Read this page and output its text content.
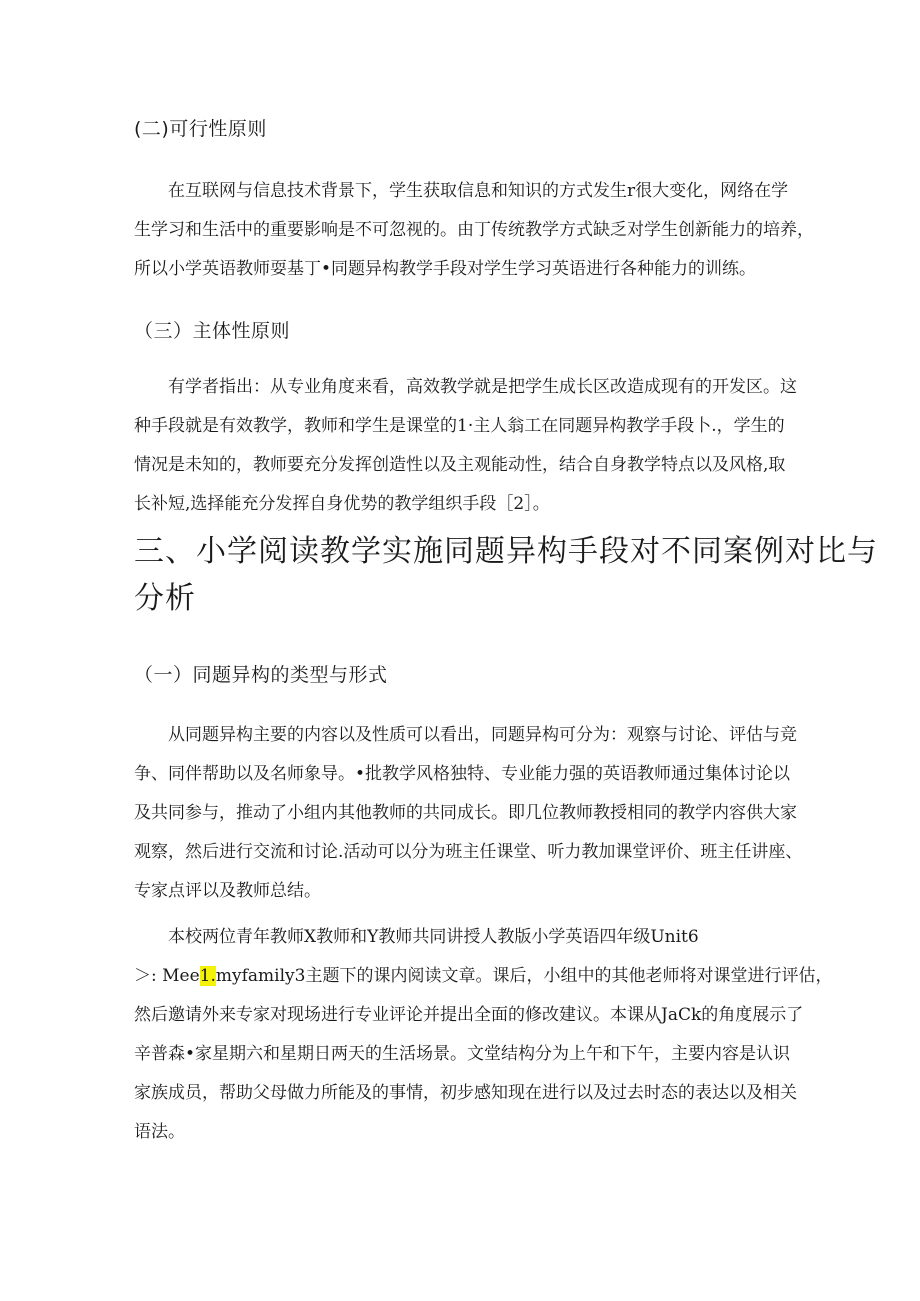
(二)可行性原则
在互联网与信息技术背景下，学生获取信息和知识的方式发生r很大变化，网络在学
生学习和生活中的重要影响是不可忽视的。由丁传统教学方式缺乏对学生创新能力的培养，
所以小学英语教师耍基丁•同题异构教学手段对学生学习英语进行各种能力的训练。
（三）主体性原则
有学者指出：从专业角度来看，高效教学就是把学生成长区改造成现有的开发区。这
种手段就是有效教学，教师和学生是课堂的1·主人翁工在同题异构教学手段卜.，学生的
情况是未知的，教师要充分发挥创造性以及主观能动性，结合自身教学特点以及风格,取
长补短,选择能充分发挥自身优势的教学组织手段［2］。
三、小学阅读教学实施同题异构手段对不同案例对比与
分析
（一）同题异构的类型与形式
从同题异构主要的内容以及性质可以看出，同题异构可分为：观察与讨论、评估与竞
争、同伴帮助以及名师象导。•批教学风格独特、专业能力强的英语教师通过集体讨论以
及共同参与，推动了小组内其他教师的共同成长。即几位教师教授相同的教学内容供大家
观察，然后进行交流和讨论.活动可以分为班主任课堂、听力教加课堂评价、班主任讲座、
专家点评以及教师总结。
本校两位青年教师X教师和Y教师共同讲授人教版小学英语四年级Unit6
＞: Mee1.myfamily3主题下的课内阅读文章。课后，小组中的其他老师将对课堂进行评估，
然后邀请外来专家对现场进行专业评论并提出全面的修改建议。本课从JaCk的角度展示了
辛普森•家星期六和星期日两天的生活场景。文堂结构分为上午和下午，主要内容是认识
家族成员，帮助父母做力所能及的事情，初步感知现在进行以及过去时态的表达以及相关
语法。
